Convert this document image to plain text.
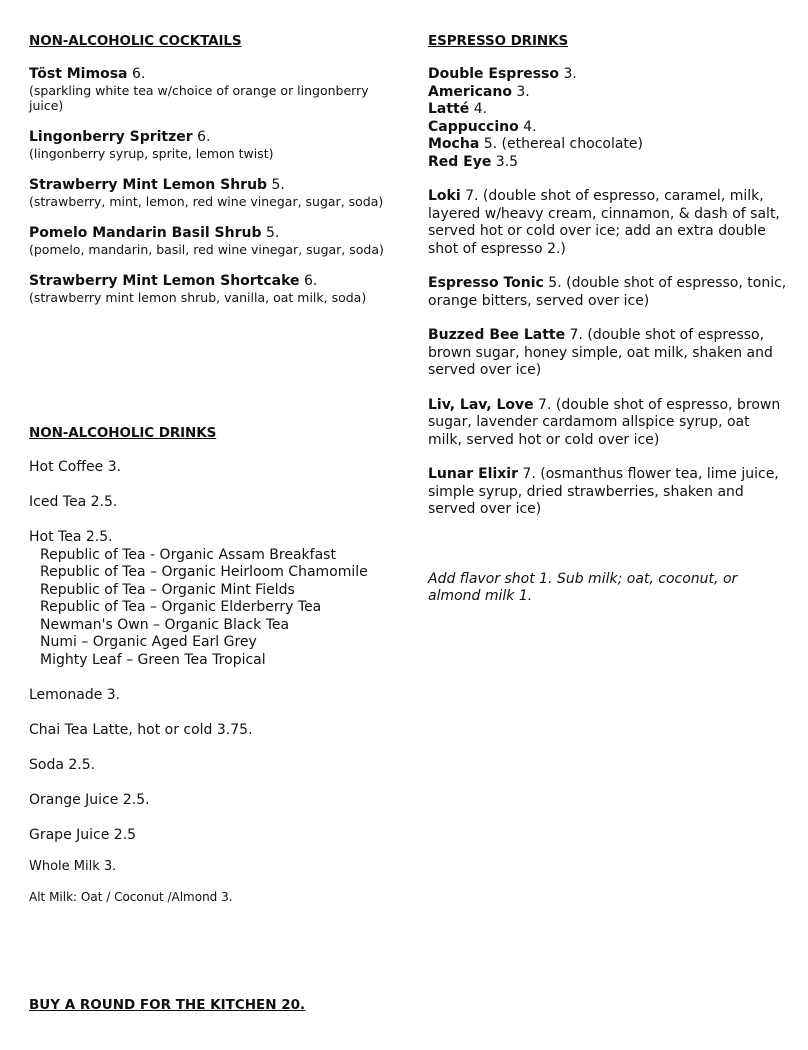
NON-ALCOHOLIC COCKTAILS
Töst Mimosa 6.
(sparkling white tea w/choice of orange or lingonberry juice)
Lingonberry Spritzer 6.
(lingonberry syrup, sprite, lemon twist)
Strawberry Mint Lemon Shrub 5.
(strawberry, mint, lemon, red wine vinegar, sugar, soda)
Pomelo Mandarin Basil Shrub 5.
(pomelo, mandarin, basil, red wine vinegar, sugar, soda)
Strawberry Mint Lemon Shortcake 6.
(strawberry mint lemon shrub, vanilla, oat milk, soda)
NON-ALCOHOLIC DRINKS
Hot Coffee 3.
Iced Tea 2.5.
Hot Tea 2.5.
Republic of Tea - Organic Assam Breakfast
Republic of Tea – Organic Heirloom Chamomile
Republic of Tea – Organic Mint Fields
Republic of Tea – Organic Elderberry Tea
Newman's Own – Organic Black Tea
Numi – Organic Aged Earl Grey
Mighty Leaf – Green Tea Tropical
Lemonade 3.
Chai Tea Latte, hot or cold 3.75.
Soda 2.5.
Orange Juice 2.5.
Grape Juice 2.5
Whole Milk 3.
Alt Milk: Oat / Coconut /Almond 3.
ESPRESSO DRINKS
Double Espresso 3.
Americano 3.
Latté 4.
Cappuccino 4.
Mocha 5. (ethereal chocolate)
Red Eye 3.5
Loki 7. (double shot of espresso, caramel, milk, layered w/heavy cream, cinnamon, & dash of salt, served hot or cold over ice; add an extra double shot of espresso 2.)
Espresso Tonic 5. (double shot of espresso, tonic, orange bitters, served over ice)
Buzzed Bee Latte 7. (double shot of espresso, brown sugar, honey simple, oat milk, shaken and served over ice)
Liv, Lav, Love 7. (double shot of espresso, brown sugar, lavender cardamom allspice syrup, oat milk, served hot or cold over ice)
Lunar Elixir 7. (osmanthus flower tea, lime juice, simple syrup, dried strawberries, shaken and served over ice)
Add flavor shot 1. Sub milk; oat, coconut, or almond milk 1.
BUY A ROUND FOR THE KITCHEN 20.
